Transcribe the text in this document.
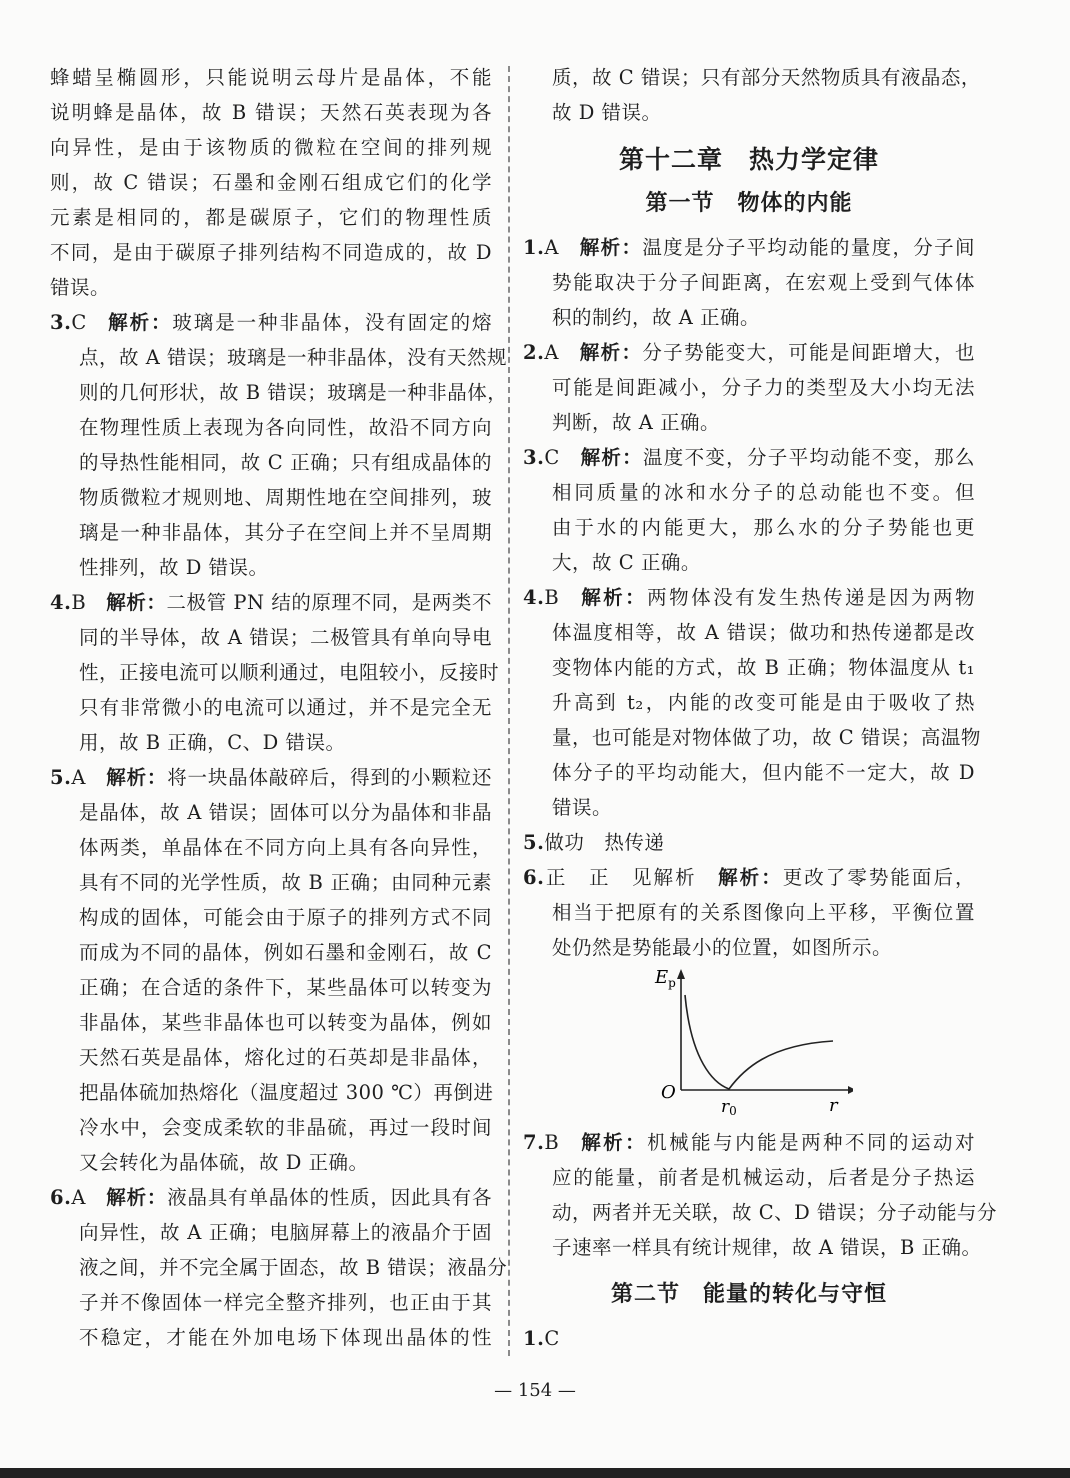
蜂蜡呈椭圆形，只能说明云母片是晶体，不能
说明蜂是晶体，故 B 错误；天然石英表现为各
向异性，是由于该物质的微粒在空间的排列规
则，故 C 错误；石墨和金刚石组成它们的化学
元素是相同的，都是碳原子，它们的物理性质
不同，是由于碳原子排列结构不同造成的，故 D
错误。
3.C  解析：玻璃是一种非晶体，没有固定的熔
点，故 A 错误；玻璃是一种非晶体，没有天然规
则的几何形状，故 B 错误；玻璃是一种非晶体，
在物理性质上表现为各向同性，故沿不同方向
的导热性能相同，故 C 正确；只有组成晶体的
物质微粒才规则地、周期性地在空间排列，玻
璃是一种非晶体，其分子在空间上并不呈周期
性排列，故 D 错误。
4.B  解析：二极管 PN 结的原理不同，是两类不
同的半导体，故 A 错误；二极管具有单向导电
性，正接电流可以顺利通过，电阻较小，反接时
只有非常微小的电流可以通过，并不是完全无
用，故 B 正确，C、D 错误。
5.A  解析：将一块晶体敲碎后，得到的小颗粒还
是晶体，故 A 错误；固体可以分为晶体和非晶
体两类，单晶体在不同方向上具有各向异性，
具有不同的光学性质，故 B 正确；由同种元素
构成的固体，可能会由于原子的排列方式不同
而成为不同的晶体，例如石墨和金刚石，故 C
正确；在合适的条件下，某些晶体可以转变为
非晶体，某些非晶体也可以转变为晶体，例如
天然石英是晶体，熔化过的石英却是非晶体，
把晶体硫加热熔化（温度超过 300 ℃）再倒进
冷水中，会变成柔软的非晶硫，再过一段时间
又会转化为晶体硫，故 D 正确。
6.A  解析：液晶具有单晶体的性质，因此具有各
向异性，故 A 正确；电脑屏幕上的液晶介于固
液之间，并不完全属于固态，故 B 错误；液晶分
子并不像固体一样完全整齐排列，也正由于其
不稳定，才能在外加电场下体现出晶体的性
质，故 C 错误；只有部分天然物质具有液晶态，
故 D 错误。
第十二章　热力学定律
第一节　物体的内能
1.A  解析：温度是分子平均动能的量度，分子间
势能取决于分子间距离，在宏观上受到气体体
积的制约，故 A 正确。
2.A  解析：分子势能变大，可能是间距增大，也
可能是间距减小，分子力的类型及大小均无法
判断，故 A 正确。
3.C  解析：温度不变，分子平均动能不变，那么
相同质量的冰和水分子的总动能也不变。但
由于水的内能更大，那么水的分子势能也更
大，故 C 正确。
4.B  解析：两物体没有发生热传递是因为两物
体温度相等，故 A 错误；做功和热传递都是改
变物体内能的方式，故 B 正确；物体温度从 t₁
升高到 t₂，内能的改变可能是由于吸收了热
量，也可能是对物体做了功，故 C 错误；高温物
体分子的平均动能大，但内能不一定大，故 D
错误。
5.做功　热传递
6.正　正　见解析  解析：更改了零势能面后，
相当于把原有的关系图像向上平移，平衡位置
处仍然是势能最小的位置，如图所示。
$E_p$
O
r0	r
7.B  解析：机械能与内能是两种不同的运动对
应的能量，前者是机械运动，后者是分子热运
动，两者并无关联，故 C、D 错误；分子动能与分
子速率一样具有统计规律，故 A 错误，B 正确。
第二节　能量的转化与守恒
1.C
— 154 —
